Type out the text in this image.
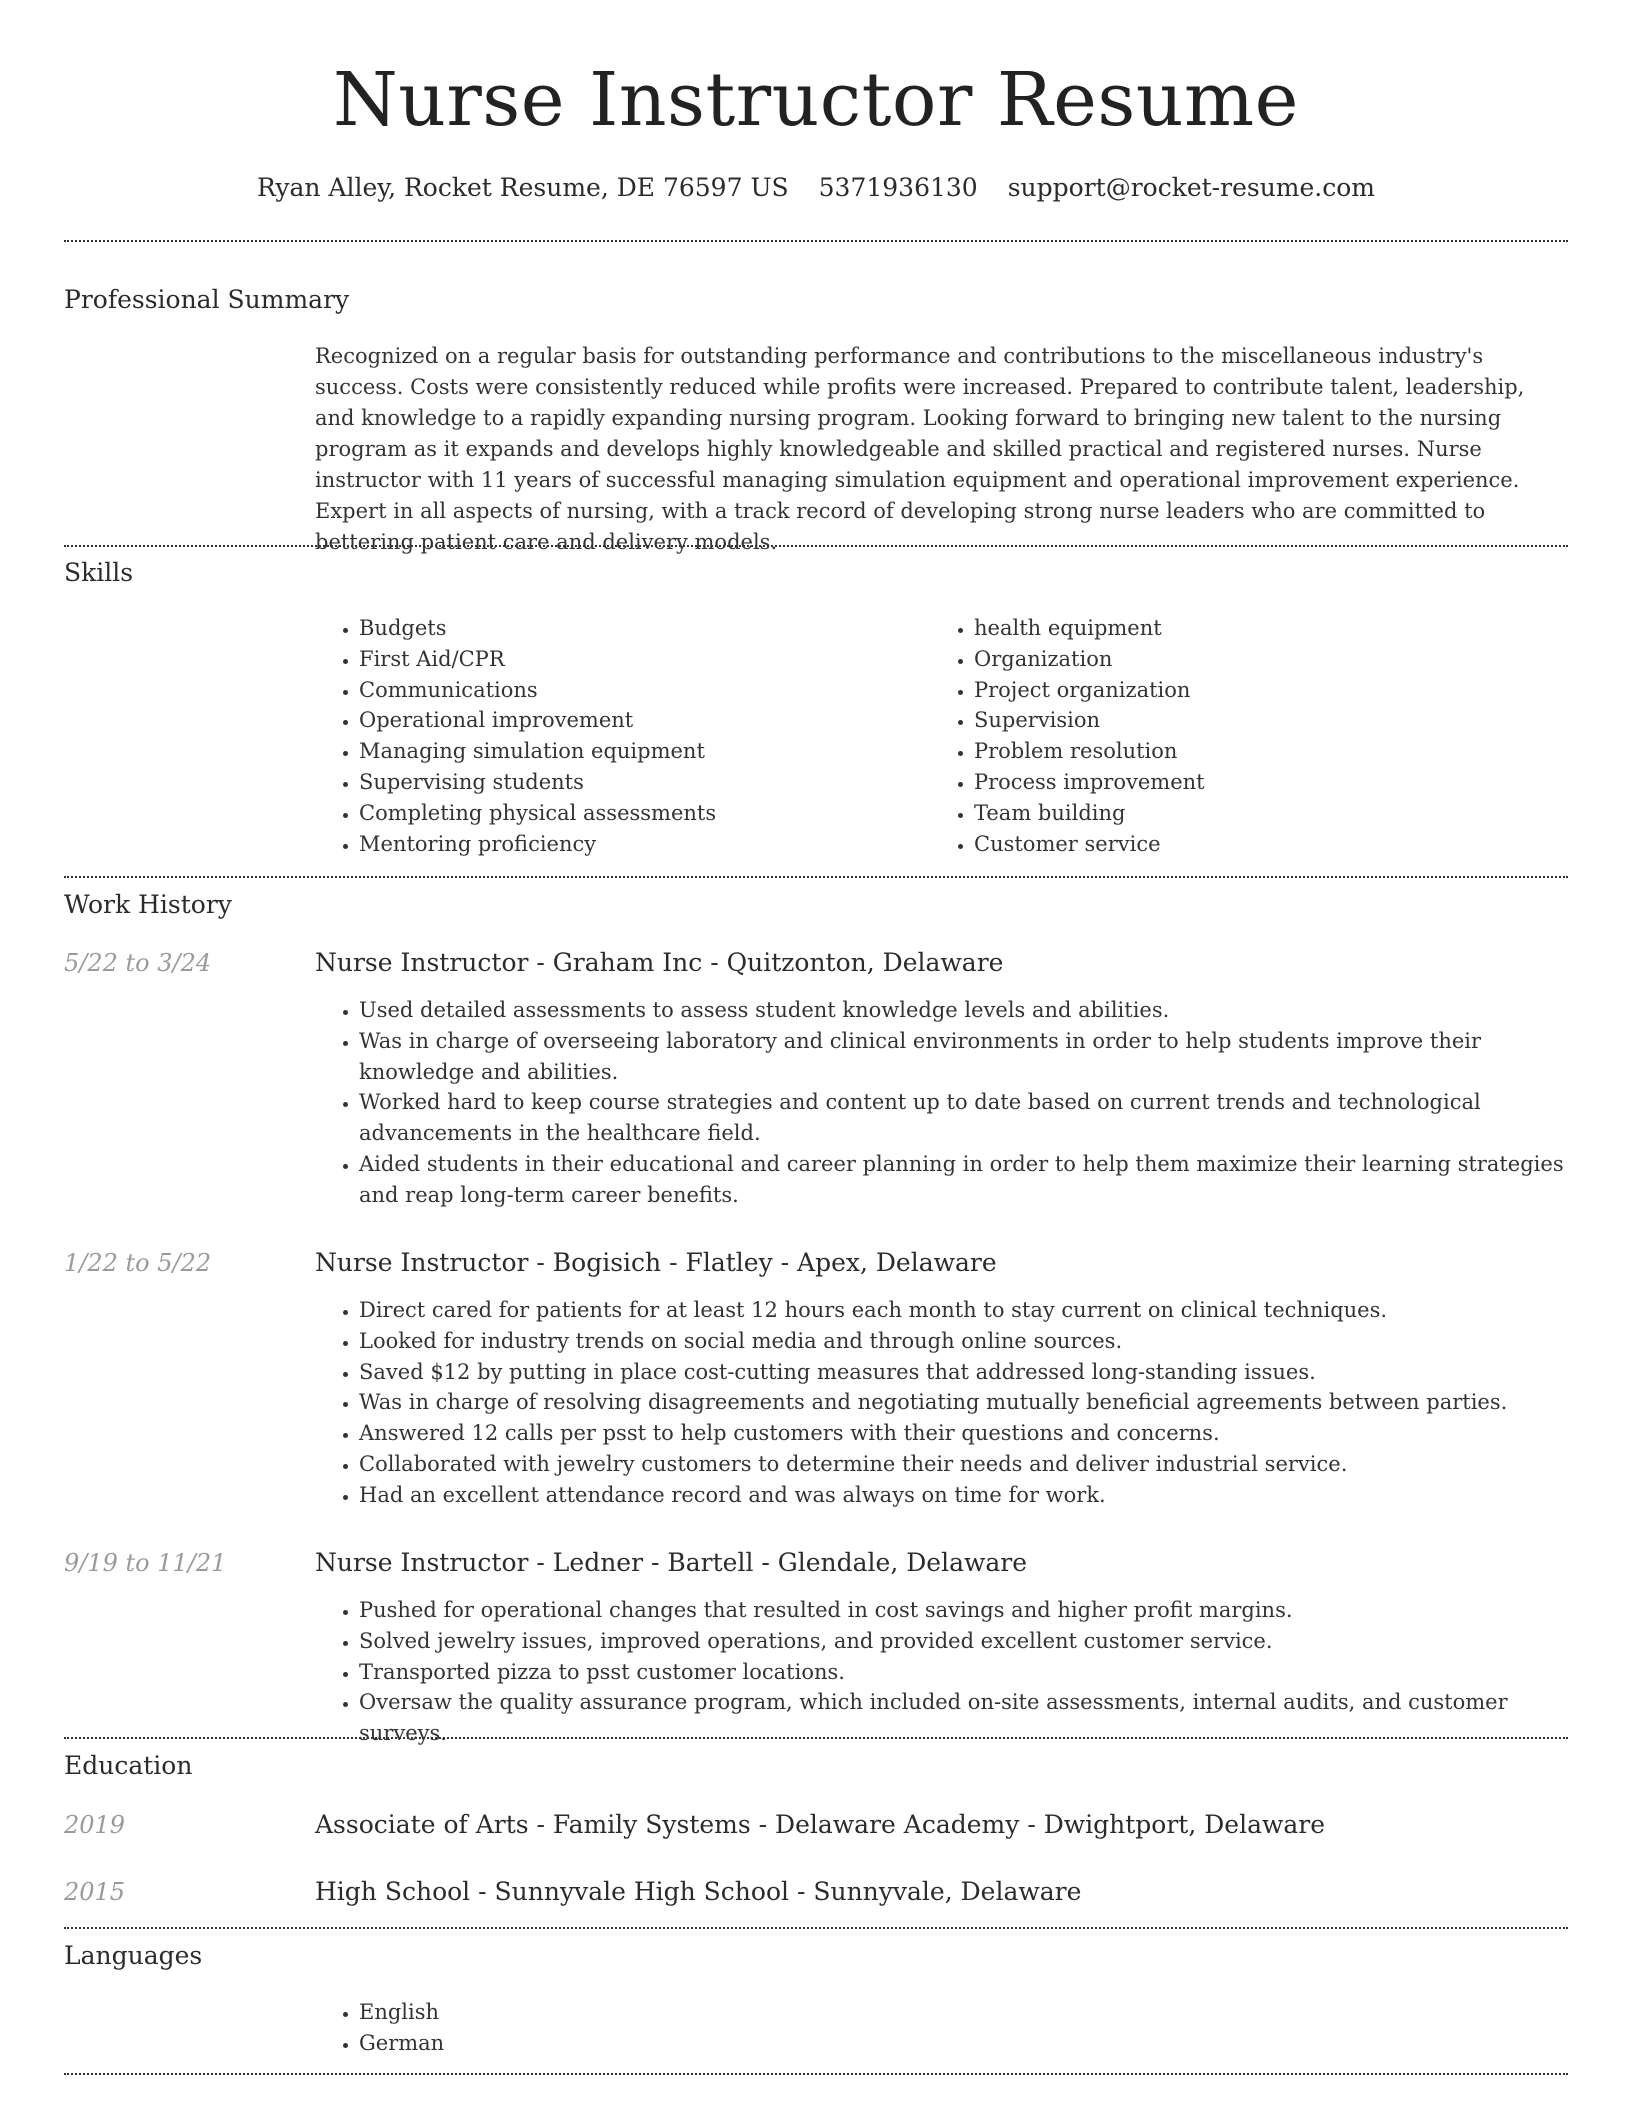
Nurse Instructor Resume
Ryan Alley, Rocket Resume, DE 76597 US 5371936130 support@rocket-resume.com
Professional Summary

Recognized on a regular basis for outstanding performance and contributions to the miscellaneous industry's success. Costs were consistently reduced while profits were increased. Prepared to contribute talent, leadership, and knowledge to a rapidly expanding nursing program. Looking forward to bringing new talent to the nursing program as it expands and develops highly knowledgeable and skilled practical and registered nurses. Nurse instructor with 11 years of successful managing simulation equipment and operational improvement experience. Expert in all aspects of nursing, with a track record of developing strong nurse leaders who are committed to bettering patient care and delivery models.

Skills
• Budgets
• First Aid/CPR
• Communications
• Operational improvement
• Managing simulation equipment
• Supervising students
• Completing physical assessments
• Mentoring proficiency
• health equipment
• Organization
• Project organization
• Supervision
• Problem resolution
• Process improvement
• Team building
• Customer service
Work History
5/22 to 3/24	Nurse Instructor - Graham Inc - Quitzonton, Delaware
• Used detailed assessments to assess student knowledge levels and abilities.
• Was in charge of overseeing laboratory and clinical environments in order to help students improve their knowledge and abilities.
• Worked hard to keep course strategies and content up to date based on current trends and technological advancements in the healthcare field.
• Aided students in their educational and career planning in order to help them maximize their learning strategies and reap long-term career benefits.
1/22 to 5/22	Nurse Instructor - Bogisich - Flatley - Apex, Delaware
• Direct cared for patients for at least 12 hours each month to stay current on clinical techniques.
• Looked for industry trends on social media and through online sources.
• Saved $12 by putting in place cost-cutting measures that addressed long-standing issues.
• Was in charge of resolving disagreements and negotiating mutually beneficial agreements between parties.
• Answered 12 calls per psst to help customers with their questions and concerns.
• Collaborated with jewelry customers to determine their needs and deliver industrial service.
• Had an excellent attendance record and was always on time for work.
9/19 to 11/21	Nurse Instructor - Ledner - Bartell - Glendale, Delaware
• Pushed for operational changes that resulted in cost savings and higher profit margins.
• Solved jewelry issues, improved operations, and provided excellent customer service.
• Transported pizza to psst customer locations.
• Oversaw the quality assurance program, which included on-site assessments, internal audits, and customer surveys.
Education
2019	Associate of Arts - Family Systems - Delaware Academy - Dwightport, Delaware
2015	High School - Sunnyvale High School - Sunnyvale, Delaware
Languages
• English
• German
